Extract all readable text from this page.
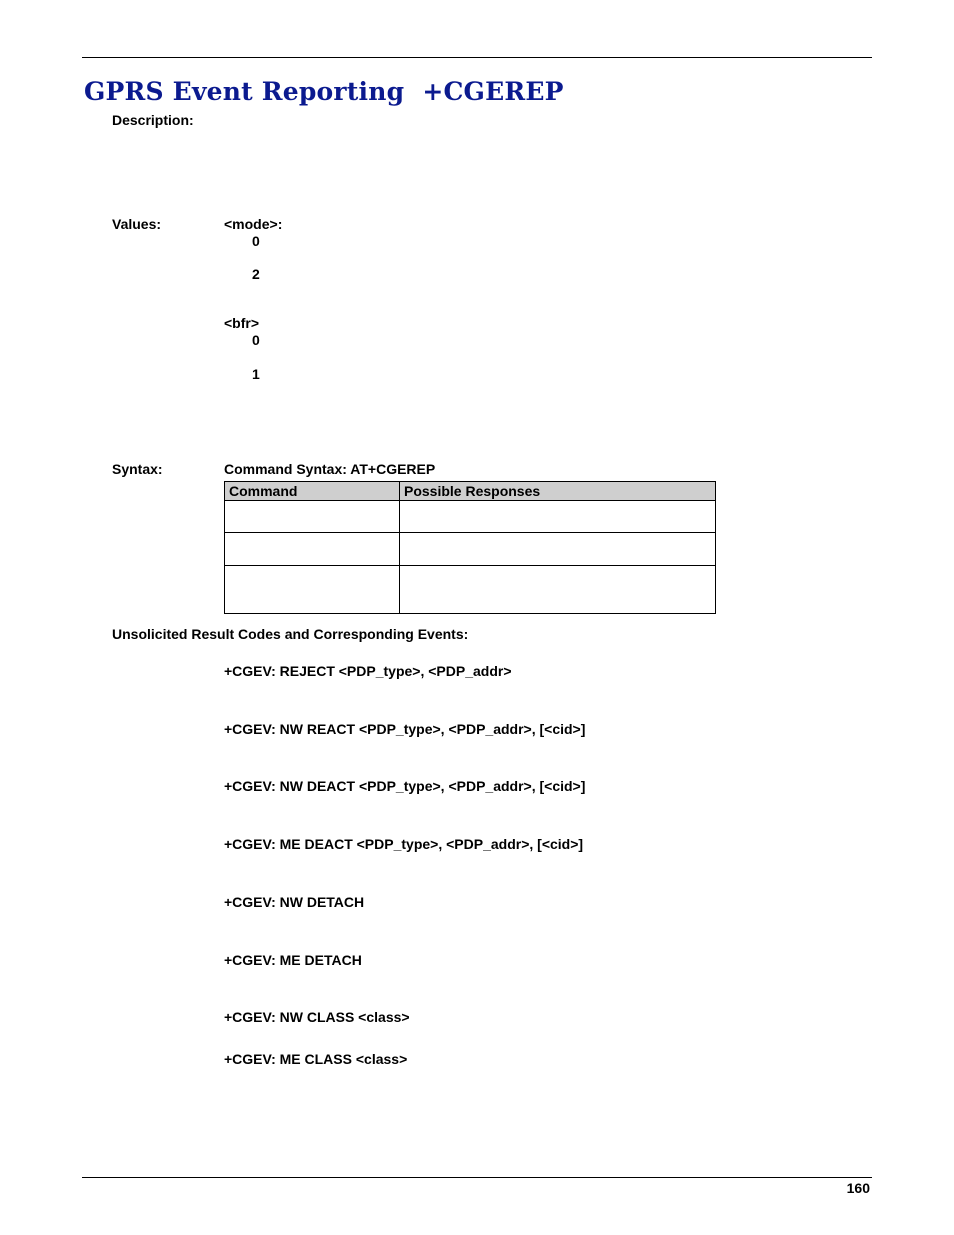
GPRS Event Reporting +CGEREP
Description:
Values:	<mode>:
0
2
<bfr>
0
1
Syntax:	Command Syntax: AT+CGEREP
Command	Possible Responses

Unsolicited Result Codes and Corresponding Events:
+CGEV: REJECT <PDP_type>, <PDP_addr>
+CGEV: NW REACT <PDP_type>, <PDP_addr>, [<cid>]
+CGEV: NW DEACT <PDP_type>, <PDP_addr>, [<cid>]
+CGEV: ME DEACT <PDP_type>, <PDP_addr>, [<cid>]
+CGEV: NW DETACH
+CGEV: ME DETACH
+CGEV: NW CLASS <class>
+CGEV: ME CLASS <class>
160
